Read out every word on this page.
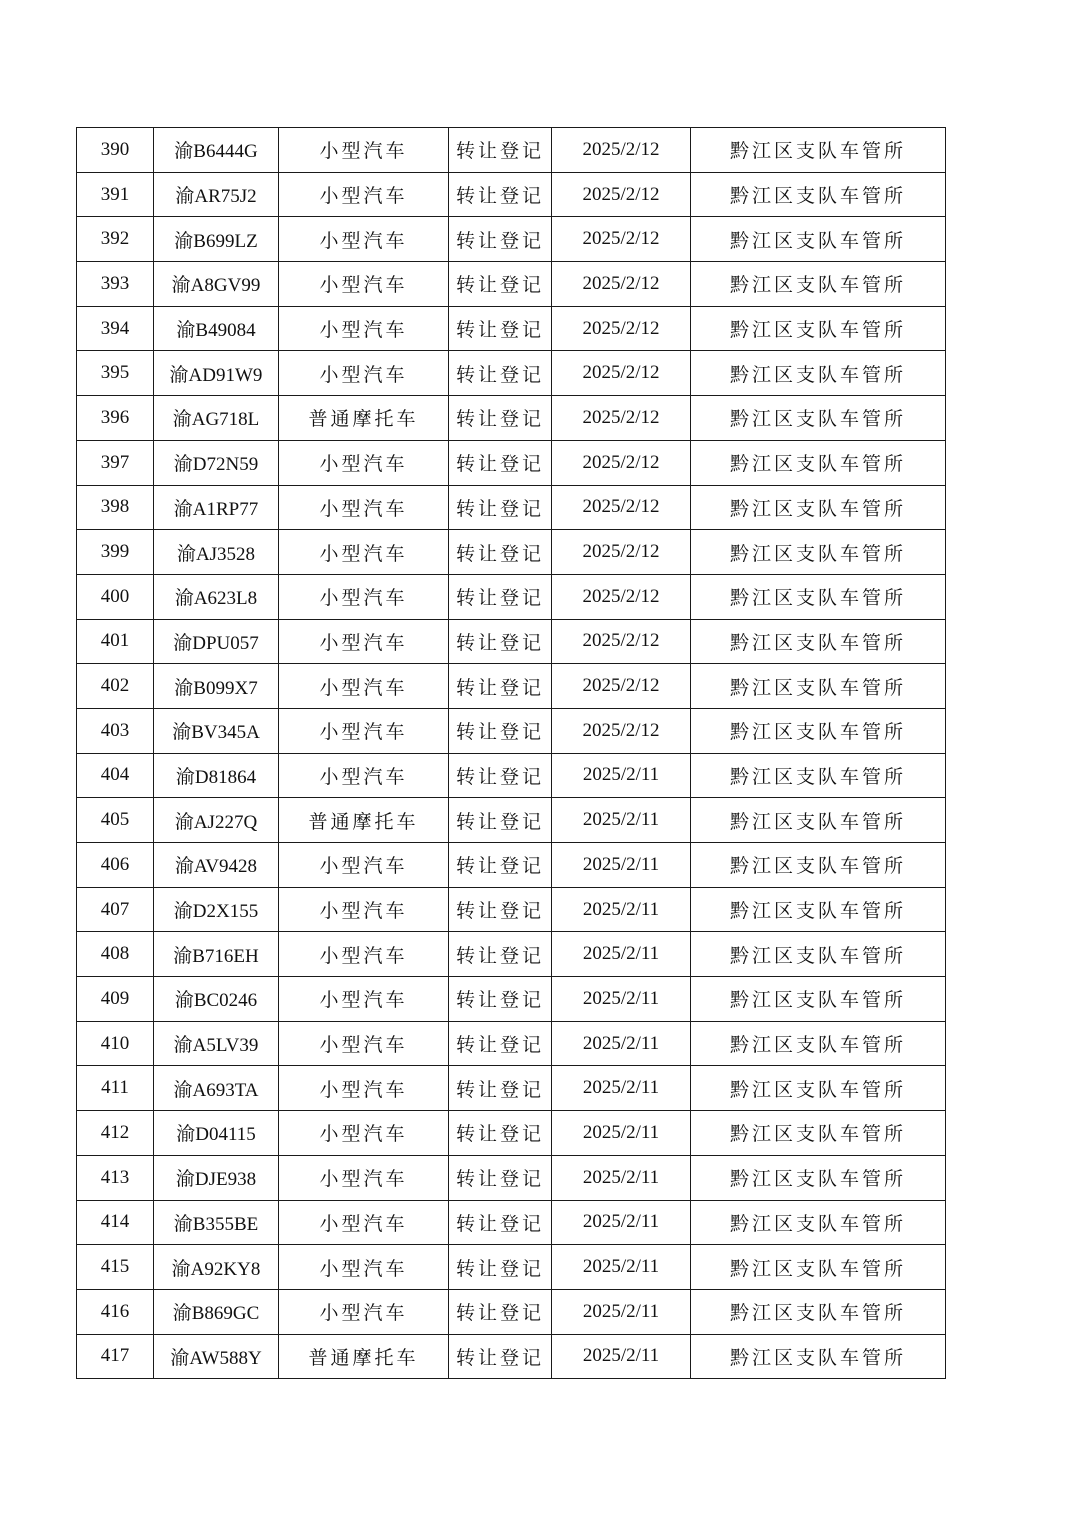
390	渝B6444G	小型汽车	转让登记	2025/2/12	黔江区支队车管所
391	渝AR75J2	小型汽车	转让登记	2025/2/12	黔江区支队车管所
392	渝B699LZ	小型汽车	转让登记	2025/2/12	黔江区支队车管所
393	渝A8GV99	小型汽车	转让登记	2025/2/12	黔江区支队车管所
394	渝B49084	小型汽车	转让登记	2025/2/12	黔江区支队车管所
395	渝AD91W9	小型汽车	转让登记	2025/2/12	黔江区支队车管所
396	渝AG718L	普通摩托车	转让登记	2025/2/12	黔江区支队车管所
397	渝D72N59	小型汽车	转让登记	2025/2/12	黔江区支队车管所
398	渝A1RP77	小型汽车	转让登记	2025/2/12	黔江区支队车管所
399	渝AJ3528	小型汽车	转让登记	2025/2/12	黔江区支队车管所
400	渝A623L8	小型汽车	转让登记	2025/2/12	黔江区支队车管所
401	渝DPU057	小型汽车	转让登记	2025/2/12	黔江区支队车管所
402	渝B099X7	小型汽车	转让登记	2025/2/12	黔江区支队车管所
403	渝BV345A	小型汽车	转让登记	2025/2/12	黔江区支队车管所
404	渝D81864	小型汽车	转让登记	2025/2/11	黔江区支队车管所
405	渝AJ227Q	普通摩托车	转让登记	2025/2/11	黔江区支队车管所
406	渝AV9428	小型汽车	转让登记	2025/2/11	黔江区支队车管所
407	渝D2X155	小型汽车	转让登记	2025/2/11	黔江区支队车管所
408	渝B716EH	小型汽车	转让登记	2025/2/11	黔江区支队车管所
409	渝BC0246	小型汽车	转让登记	2025/2/11	黔江区支队车管所
410	渝A5LV39	小型汽车	转让登记	2025/2/11	黔江区支队车管所
411	渝A693TA	小型汽车	转让登记	2025/2/11	黔江区支队车管所
412	渝D04115	小型汽车	转让登记	2025/2/11	黔江区支队车管所
413	渝DJE938	小型汽车	转让登记	2025/2/11	黔江区支队车管所
414	渝B355BE	小型汽车	转让登记	2025/2/11	黔江区支队车管所
415	渝A92KY8	小型汽车	转让登记	2025/2/11	黔江区支队车管所
416	渝B869GC	小型汽车	转让登记	2025/2/11	黔江区支队车管所
417	渝AW588Y	普通摩托车	转让登记	2025/2/11	黔江区支队车管所
